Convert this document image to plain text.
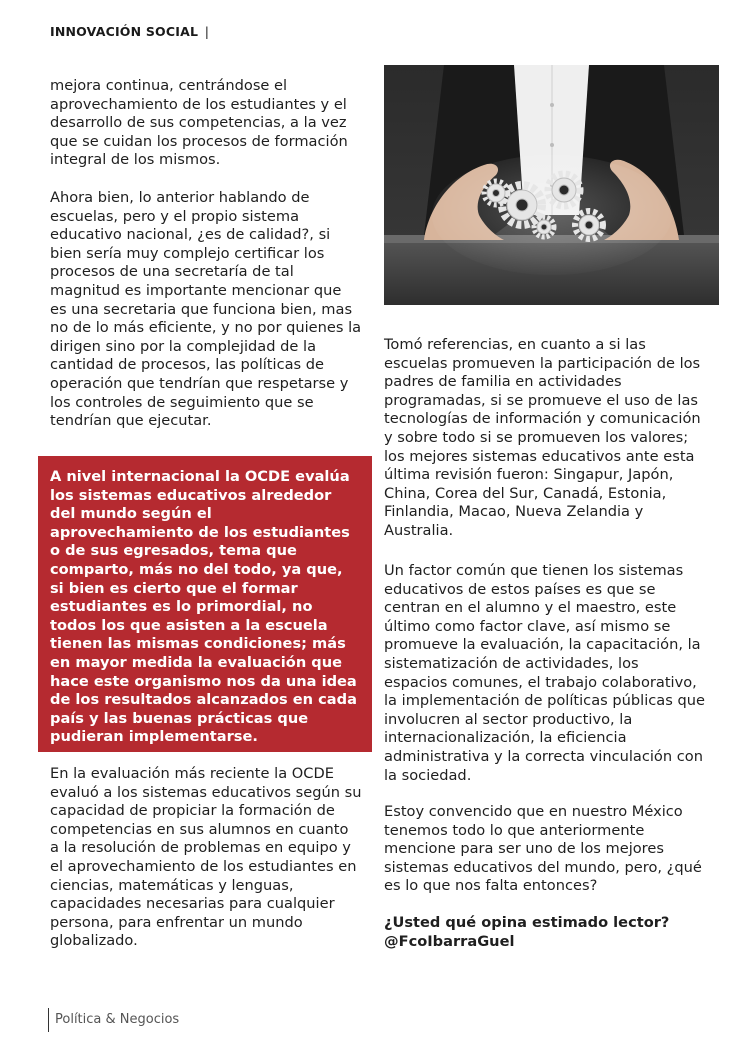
INNOVACIÓN SOCIAL |

mejora continua, centrándose el aprovechamiento de los estudiantes y el desarrollo de sus competencias, a la vez que se cuidan los procesos de formación integral de los mismos.

Ahora bien, lo anterior hablando de escuelas, pero y el propio sistema educativo nacional, ¿es de calidad?, si bien sería muy complejo certificar los procesos de una secretaría de tal magnitud es importante mencionar que es una secretaria que funciona bien, mas no de lo más eficiente, y no por quienes la dirigen sino por la complejidad de la cantidad de procesos, las políticas de operación que tendrían que respetarse y los controles de seguimiento que se tendrían que ejecutar.

A nivel internacional la OCDE evalúa los sistemas educativos alrededor del mundo según el aprovechamiento de los estudiantes o de sus egresados, tema que comparto, más no del todo, ya que, si bien es cierto que el formar estudiantes es lo primordial, no todos los que asisten a la escuela tienen las mismas condiciones; más en mayor medida la evaluación que hace este organismo nos da una idea de los resultados alcanzados en cada país y las buenas prácticas que pudieran implementarse.

En la evaluación más reciente la OCDE evaluó a los sistemas educativos según su capacidad de propiciar la formación de competencias en sus alumnos en cuanto a la resolución de problemas en equipo y el aprovechamiento de los estudiantes en ciencias, matemáticas y lenguas, capacidades necesarias para cualquier persona, para enfrentar un mundo globalizado.

Tomó referencias, en cuanto a si las escuelas promueven la participación de los padres de familia en actividades programadas, si se promueve el uso de las tecnologías de información y comunicación y sobre todo si se promueven los valores; los mejores sistemas educativos ante esta última revisión fueron: Singapur, Japón, China, Corea del Sur, Canadá, Estonia, Finlandia, Macao, Nueva Zelandia y Australia.

Un factor común que tienen los sistemas educativos de estos países es que se centran en el alumno y el maestro, este último como factor clave, así mismo se promueve la evaluación, la capacitación, la sistematización de actividades, los espacios comunes, el trabajo colaborativo, la implementación de políticas públicas que involucren al sector productivo, la internacionalización, la eficiencia administrativa y la correcta vinculación con la sociedad.

Estoy convencido que en nuestro México tenemos todo lo que anteriormente mencione para ser uno de los mejores sistemas educativos del mundo, pero, ¿qué es lo que nos falta entonces?

¿Usted qué opina estimado lector?

@FcoIbarraGuel

Política & Negocios
